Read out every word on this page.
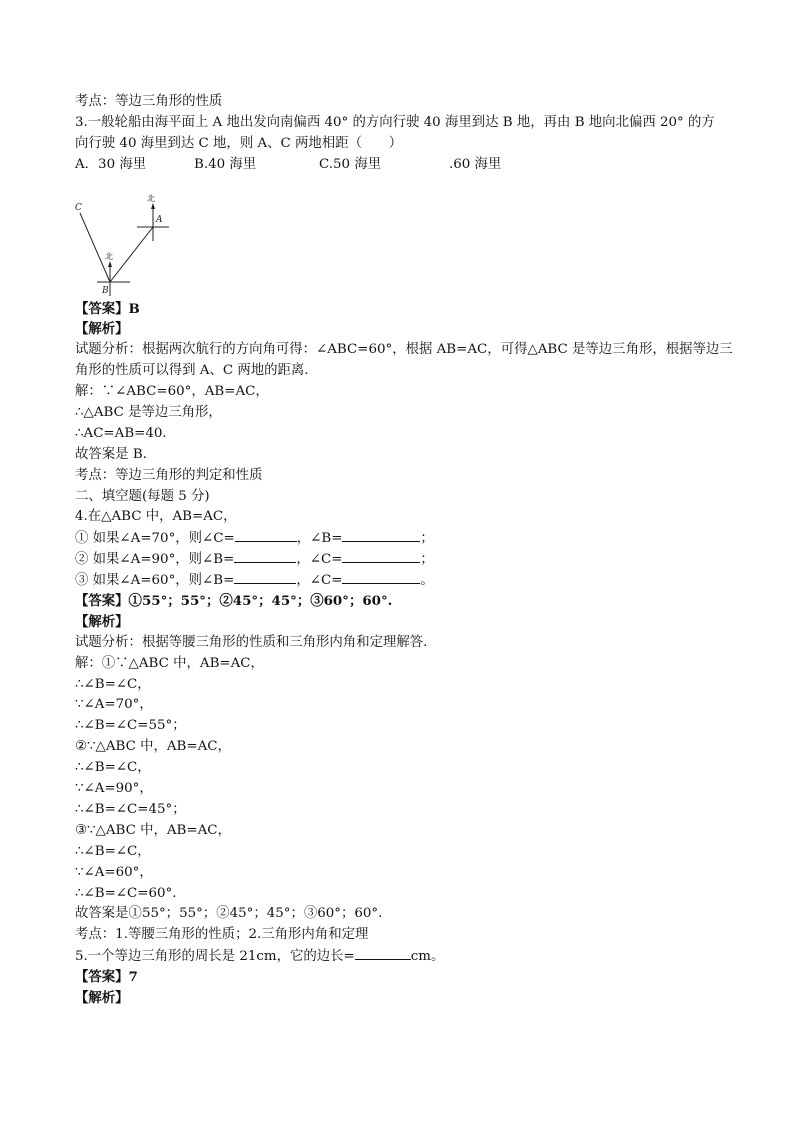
考点：等边三角形的性质
3.一般轮船由海平面上 A 地出发向南偏西 40° 的方向行驶 40 海里到达 B 地，再由 B 地向北偏西 20° 的方
向行驶 40 海里到达 C 地，则 A、C 两地相距（　　）
A．30 海里	B.40 海里	C.50 海里	.60 海里
C
A
B
北
北
【答案】B
【解析】
试题分析：根据两次航行的方向角可得：∠ABC=60°，根据 AB=AC，可得△ABC 是等边三角形，根据等边三
角形的性质可以得到 A、C 两地的距离.
解：∵∠ABC=60°，AB=AC，
∴△ABC 是等边三角形，
∴AC=AB=40.
故答案是 B.
考点：等边三角形的判定和性质
二、填空题(每题 5 分)
4.在△ABC 中，AB=AC，
① 如果∠A=70°，则∠C=	，∠B=	；
② 如果∠A=90°，则∠B=	，∠C=	；
③ 如果∠A=60°，则∠B=	，∠C=	。
【答案】①55°；55°；②45°；45°；③60°；60°.
【解析】
试题分析：根据等腰三角形的性质和三角形内角和定理解答.
解：①∵△ABC 中，AB=AC，
∴∠B=∠C，
∵∠A=70°，
∴∠B=∠C=55°；
②∵△ABC 中，AB=AC，
∴∠B=∠C，
∵∠A=90°，
∴∠B=∠C=45°；
③∵△ABC 中，AB=AC，
∴∠B=∠C，
∵∠A=60°，
∴∠B=∠C=60°.
故答案是①55°；55°；②45°；45°；③60°；60°.
考点：1.等腰三角形的性质；2.三角形内角和定理
5.一个等边三角形的周长是 21cm，它的边长=	cm。
【答案】7
【解析】
